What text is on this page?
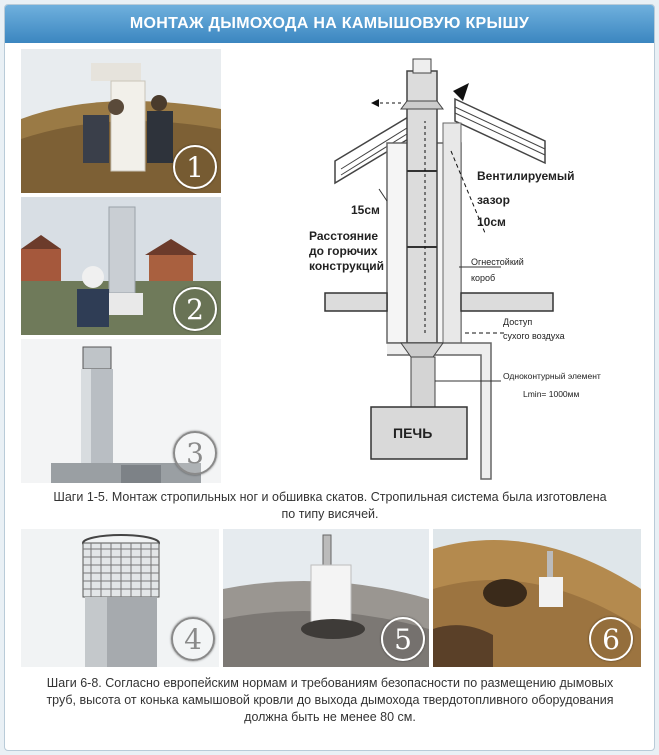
МОНТАЖ ДЫМОХОДА НА КАМЫШОВУЮ КРЫШУ
1
2
3
Вентилируемый
зазор
10см
15см
Расстояние
до горючих
конструкций	Огнестойкий
короб
Доступ
сухого воздуха
Одноконтурный элемент
Lmin= 1000мм
ПЕЧЬ
Шаги 1-5. Монтаж стропильных ног и обшивка скатов. Стропильная система была изготовлена по типу висячей.
4	5	6
Шаги 6-8. Согласно европейским нормам и требованиям безопасности по размещению дымовых труб, высота от конька камышовой кровли до выхода дымохода твердотопливного оборудования должна быть не менее 80 см.
